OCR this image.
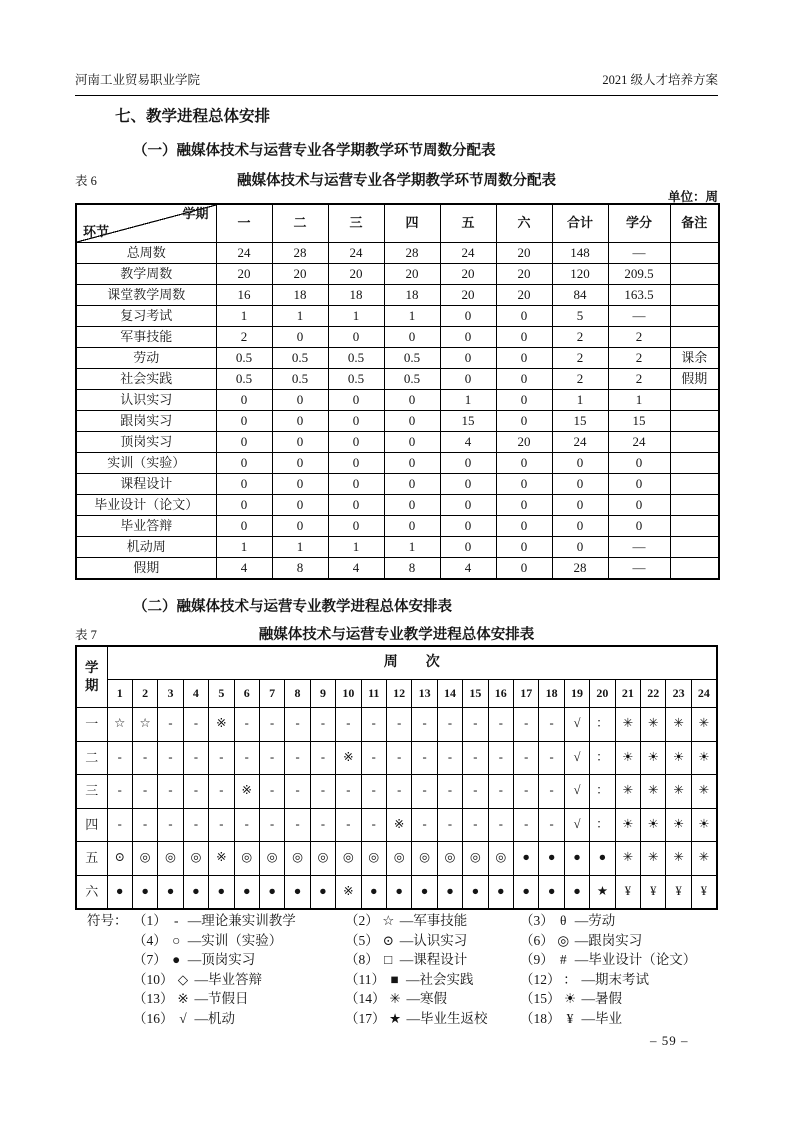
河南工业贸易职业学院	2021 级人才培养方案
七、教学进程总体安排
（一）融媒体技术与运营专业各学期教学环节周数分配表
表 6	融媒体技术与运营专业各学期教学环节周数分配表
单位：周
学期
环节	一	二	三	四	五	六	合计	学分	备注
总周数	24	28	24	28	24	20	148	—	
教学周数	20	20	20	20	20	20	120	209.5	
课堂教学周数	16	18	18	18	20	20	84	163.5	
复习考试	1	1	1	1	0	0	5	—	
军事技能	2	0	0	0	0	0	2	2	
劳动	0.5	0.5	0.5	0.5	0	0	2	2	课余
社会实践	0.5	0.5	0.5	0.5	0	0	2	2	假期
认识实习	0	0	0	0	1	0	1	1	
跟岗实习	0	0	0	0	15	0	15	15	
顶岗实习	0	0	0	0	4	20	24	24	
实训（实验）	0	0	0	0	0	0	0	0	
课程设计	0	0	0	0	0	0	0	0	
毕业设计（论文）	0	0	0	0	0	0	0	0	
毕业答辩	0	0	0	0	0	0	0	0	
机动周	1	1	1	1	0	0	0	—	
假期	4	8	4	8	4	0	28	—	
（二）融媒体技术与运营专业教学进程总体安排表
表 7	融媒体技术与运营专业教学进程总体安排表
学期	周　　次																							
	1	2	3	4	5	6	7	8	9	10	11	12	13	14	15	16	17	18	19	20	21	22	23	24
一	☆	☆	-	-	※	-	-	-	-	-	-	-	-	-	-	-	-	-	√	：	✳	✳	✳	✳
二	-	-	-	-	-	-	-	-	-	※	-	-	-	-	-	-	-	-	√	：	☀	☀	☀	☀
三	-	-	-	-	-	※	-	-	-	-	-	-	-	-	-	-	-	-	√	：	✳	✳	✳	✳
四	-	-	-	-	-	-	-	-	-	-	-	※	-	-	-	-	-	-	√	：	☀	☀	☀	☀
五	⊙	◎	◎	◎	※	◎	◎	◎	◎	◎	◎	◎	◎	◎	◎	◎	●	●	●	●	✳	✳	✳	✳
六	●	●	●	●	●	●	●	●	●	※	●	●	●	●	●	●	●	●	●	★	¥	¥	¥	¥
符号： （1） - —理论兼实训教学	（2） ☆ —军事技能	（3） θ —劳动
（4） ○ —实训（实验）	（5） ⊙ —认识实习	（6） ◎ —跟岗实习
（7） ● —顶岗实习	（8） □ —课程设计	（9） # —毕业设计（论文）
（10） ◇ —毕业答辩	（11） ■ —社会实践	（12） ： —期末考试
（13） ※ —节假日	（14） ✳ —寒假	（15） ☀ —暑假
（16） √ —机动	（17） ★ —毕业生返校	（18） ¥ —毕业
– 59 –
